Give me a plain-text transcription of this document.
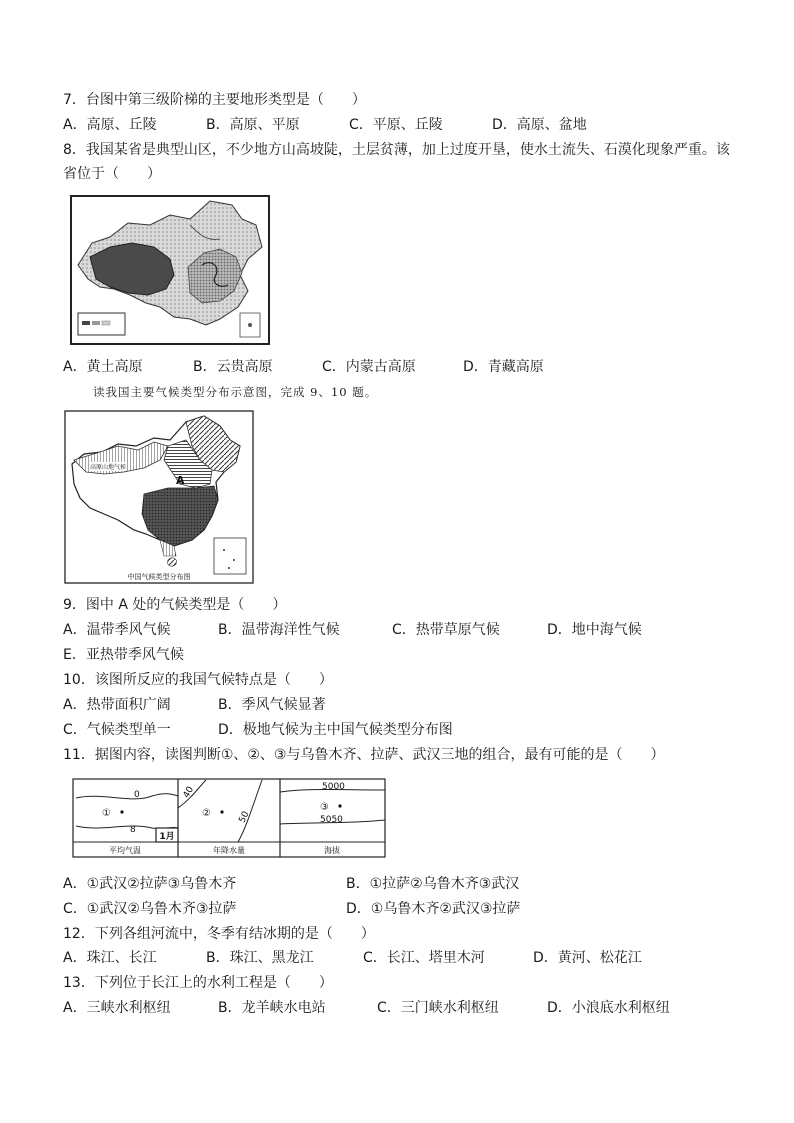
7．台图中第三级阶梯的主要地形类型是（　　）
A．高原、丘陵	B．高原、平原	C．平原、丘陵	D．高原、盆地
8．我国某省是典型山区，不少地方山高坡陡，土层贫薄，加上过度开垦，使水土流失、石漠化现象严重。该
省位于（　　）
A．黄土高原	B．云贵高原	C．内蒙古高原	D．青藏高原
读我国主要气候类型分布示意图，完成 9、10 题。
高原山地气候
A
中国气候类型分布图
9．图中 A 处的气候类型是（　　）
A．温带季风气候	B．温带海洋性气候	C．热带草原气候	D．地中海气候
E．亚热带季风气候
10．该图所反应的我国气候特点是（　　）
A．热带面积广阔	B．季风气候显著
C．气候类型单一	D．极地气候为主中国气候类型分布图
11．据图内容，读图判断①、②、③与乌鲁木齐、拉萨、武汉三地的组合，最有可能的是（　　）
0
8
①
1月
平均气温
40
50
②
年降水量
5000
5050
③
海拔
A．①武汉②拉萨③乌鲁木齐	B．①拉萨②乌鲁木齐③武汉
C．①武汉②乌鲁木齐③拉萨	D．①乌鲁木齐②武汉③拉萨
12．下列各组河流中，冬季有结冰期的是（　　）
A．珠江、长江	B．珠江、黑龙江	C．长江、塔里木河	D．黄河、松花江
13．下列位于长江上的水利工程是（　　）
A．三峡水利枢纽	B．龙羊峡水电站	C．三门峡水利枢纽	D．小浪底水利枢纽
